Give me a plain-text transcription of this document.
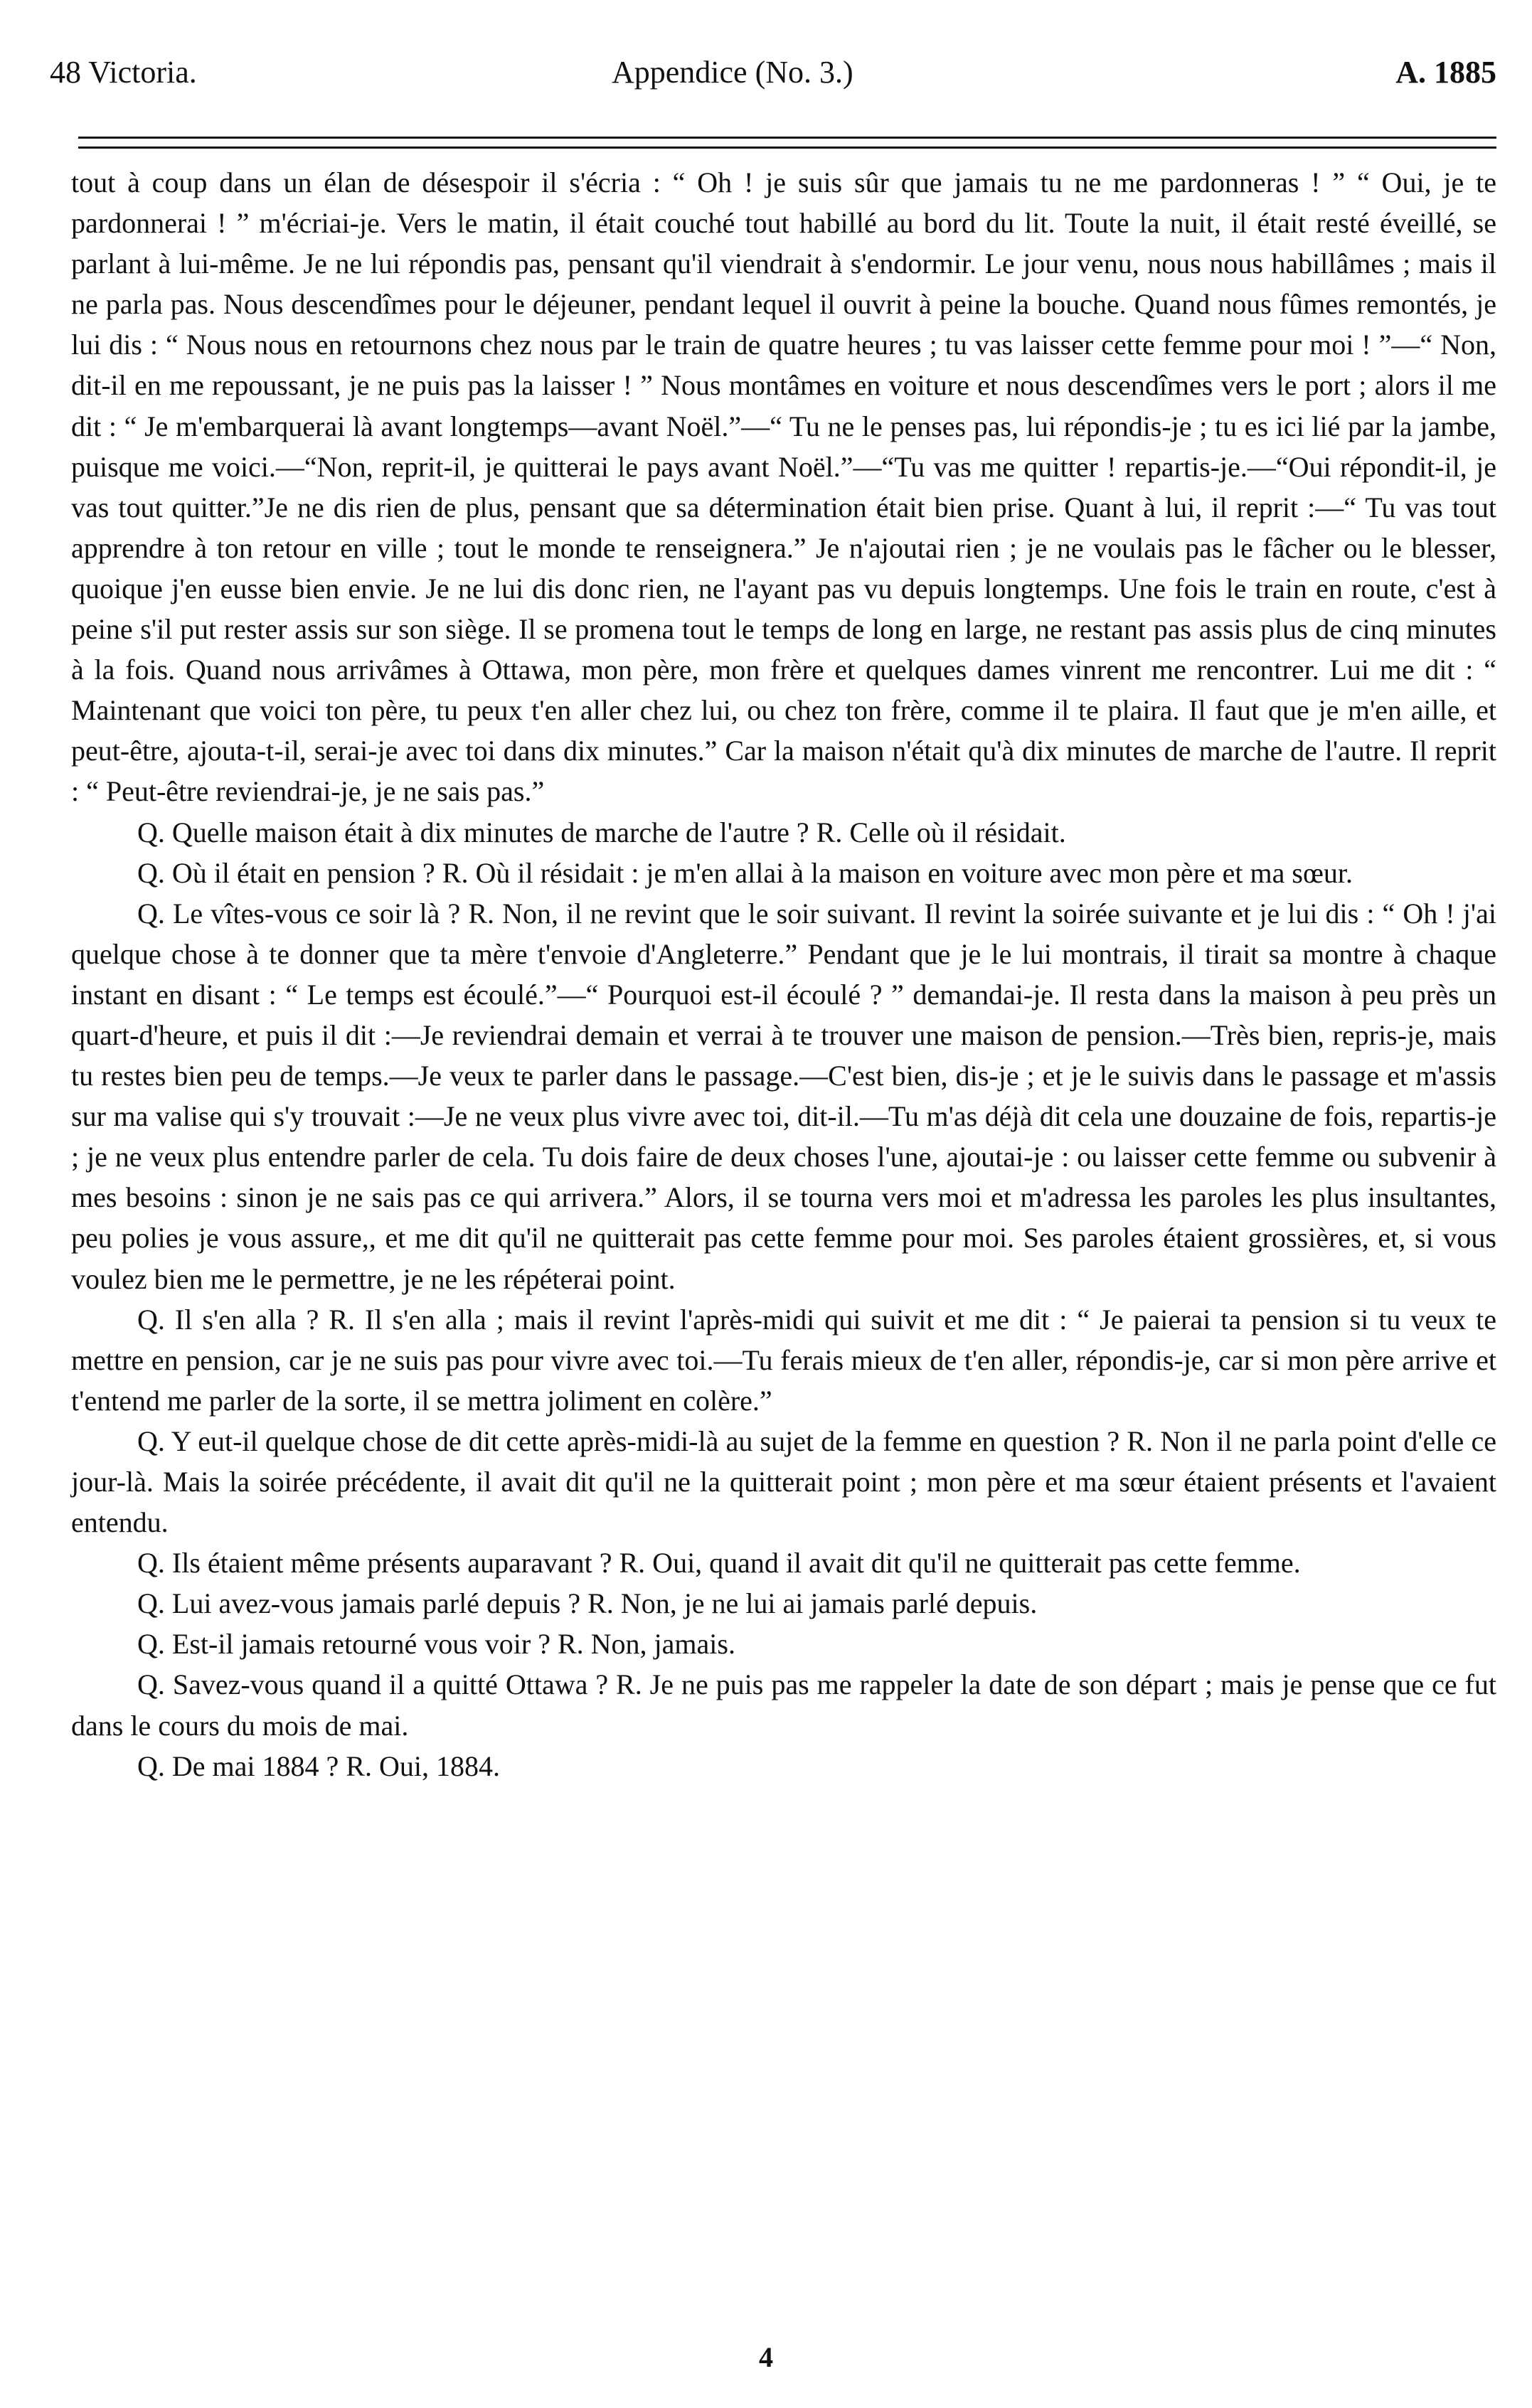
48 Victoria.	Appendice (No. 3.)	A. 1885

tout à coup dans un élan de désespoir il s'écria : “ Oh ! je suis sûr que jamais tu ne me pardonneras ! ” “ Oui, je te pardonnerai ! ” m'écriai-je. Vers le matin, il était couché tout habillé au bord du lit. Toute la nuit, il était resté éveillé, se parlant à lui-même. Je ne lui répondis pas, pensant qu'il viendrait à s'endormir. Le jour venu, nous nous habillâmes ; mais il ne parla pas. Nous descendîmes pour le déjeuner, pendant lequel il ouvrit à peine la bouche. Quand nous fûmes remontés, je lui dis : “ Nous nous en retournons chez nous par le train de quatre heures ; tu vas laisser cette femme pour moi ! ”—“ Non, dit-il en me repoussant, je ne puis pas la laisser ! ” Nous montâmes en voiture et nous descendîmes vers le port ; alors il me dit : “ Je m'embarquerai là avant longtemps—avant Noël.”—“ Tu ne le penses pas, lui répondis-je ; tu es ici lié par la jambe, puisque me voici.—“Non, reprit-il, je quitterai le pays avant Noël.”—“Tu vas me quitter ! repartis-je.—“Oui répondit-il, je vas tout quitter.”Je ne dis rien de plus, pensant que sa détermination était bien prise. Quant à lui, il reprit :—“ Tu vas tout apprendre à ton retour en ville ; tout le monde te renseignera.” Je n'ajoutai rien ; je ne voulais pas le fâcher ou le blesser, quoique j'en eusse bien envie. Je ne lui dis donc rien, ne l'ayant pas vu depuis longtemps. Une fois le train en route, c'est à peine s'il put rester assis sur son siège. Il se promena tout le temps de long en large, ne restant pas assis plus de cinq minutes à la fois. Quand nous arrivâmes à Ottawa, mon père, mon frère et quelques dames vinrent me rencontrer. Lui me dit : “ Maintenant que voici ton père, tu peux t'en aller chez lui, ou chez ton frère, comme il te plaira. Il faut que je m'en aille, et peut-être, ajouta-t-il, serai-je avec toi dans dix minutes.” Car la maison n'était qu'à dix minutes de marche de l'autre. Il reprit : “ Peut-être reviendrai-je, je ne sais pas.”

Q. Quelle maison était à dix minutes de marche de l'autre ? R. Celle où il résidait.

Q. Où il était en pension ? R. Où il résidait : je m'en allai à la maison en voiture avec mon père et ma sœur.

Q. Le vîtes-vous ce soir là ? R. Non, il ne revint que le soir suivant. Il revint la soirée suivante et je lui dis : “ Oh ! j'ai quelque chose à te donner que ta mère t'envoie d'Angleterre.” Pendant que je le lui montrais, il tirait sa montre à chaque instant en disant : “ Le temps est écoulé.”—“ Pourquoi est-il écoulé ? ” demandai-je. Il resta dans la maison à peu près un quart-d'heure, et puis il dit :—Je reviendrai demain et verrai à te trouver une maison de pension.—Très bien, repris-je, mais tu restes bien peu de temps.—Je veux te parler dans le passage.—C'est bien, dis-je ; et je le suivis dans le passage et m'assis sur ma valise qui s'y trouvait :—Je ne veux plus vivre avec toi, dit-il.—Tu m'as déjà dit cela une douzaine de fois, repartis-je ; je ne veux plus entendre parler de cela. Tu dois faire de deux choses l'une, ajoutai-je : ou laisser cette femme ou subvenir à mes besoins : sinon je ne sais pas ce qui arrivera.” Alors, il se tourna vers moi et m'adressa les paroles les plus insultantes, peu polies je vous assure,, et me dit qu'il ne quitterait pas cette femme pour moi. Ses paroles étaient grossières, et, si vous voulez bien me le permettre, je ne les répéterai point.

Q. Il s'en alla ? R. Il s'en alla ; mais il revint l'après-midi qui suivit et me dit : “ Je paierai ta pension si tu veux te mettre en pension, car je ne suis pas pour vivre avec toi.—Tu ferais mieux de t'en aller, répondis-je, car si mon père arrive et t'entend me parler de la sorte, il se mettra joliment en colère.”

Q. Y eut-il quelque chose de dit cette après-midi-là au sujet de la femme en question ? R. Non il ne parla point d'elle ce jour-là. Mais la soirée précédente, il avait dit qu'il ne la quitterait point ; mon père et ma sœur étaient présents et l'avaient entendu.

Q. Ils étaient même présents auparavant ? R. Oui, quand il avait dit qu'il ne quitterait pas cette femme.

Q. Lui avez-vous jamais parlé depuis ? R. Non, je ne lui ai jamais parlé depuis.

Q. Est-il jamais retourné vous voir ? R. Non, jamais.

Q. Savez-vous quand il a quitté Ottawa ? R. Je ne puis pas me rappeler la date de son départ ; mais je pense que ce fut dans le cours du mois de mai.

Q. De mai 1884 ? R. Oui, 1884.

4
